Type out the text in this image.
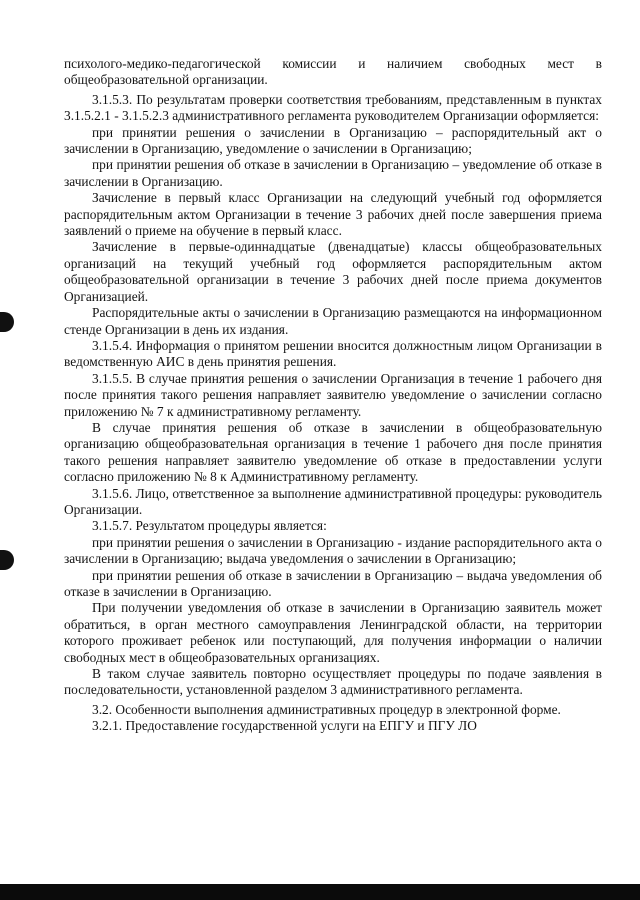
психолого-медико-педагогической комиссии и наличием свободных мест в общеобразовательной организации.

3.1.5.3. По результатам проверки соответствия требованиям, представленным в пунктах 3.1.5.2.1 - 3.1.5.2.3 административного регламента руководителем Организации оформляется:

при принятии решения о зачислении в Организацию – распорядительный акт о зачислении в Организацию, уведомление о зачислении в Организацию;

при принятии решения об отказе в зачислении в Организацию – уведомление об отказе в зачислении в Организацию.

Зачисление в первый класс Организации на следующий учебный год оформляется распорядительным актом Организации в течение 3 рабочих дней после завершения приема заявлений о приеме на обучение в первый класс.

Зачисление в первые-одиннадцатые (двенадцатые) классы общеобразовательных организаций на текущий учебный год оформляется распорядительным актом общеобразовательной организации в течение 3 рабочих дней после приема документов Организацией.

Распорядительные акты о зачислении в Организацию размещаются на информационном стенде Организации в день их издания.

3.1.5.4. Информация о принятом решении вносится должностным лицом Организации в ведомственную АИС в день принятия решения.

3.1.5.5. В случае принятия решения о зачислении Организация в течение 1 рабочего дня после принятия такого решения направляет заявителю уведомление о зачислении согласно приложению № 7 к административному регламенту.

В случае принятия решения об отказе в зачислении в общеобразовательную организацию общеобразовательная организация в течение 1 рабочего дня после принятия такого решения направляет заявителю уведомление об отказе в предоставлении услуги согласно приложению № 8 к Административному регламенту.

3.1.5.6. Лицо, ответственное за выполнение административной процедуры: руководитель Организации.

3.1.5.7. Результатом процедуры является:

при принятии решения о зачислении в Организацию - издание распорядительного акта о зачислении в Организацию; выдача уведомления о зачислении в Организацию;

при принятии решения об отказе в зачислении в Организацию – выдача уведомления об отказе в зачислении в Организацию.

При получении уведомления об отказе в зачислении в Организацию заявитель может обратиться, в орган местного самоуправления Ленинградской области, на территории которого проживает ребенок или поступающий, для получения информации о наличии свободных мест в общеобразовательных организациях.

В таком случае заявитель повторно осуществляет процедуры по подаче заявления в последовательности, установленной разделом 3 административного регламента.

3.2. Особенности выполнения административных процедур в электронной форме.

3.2.1. Предоставление государственной услуги на ЕПГУ и ПГУ ЛО
